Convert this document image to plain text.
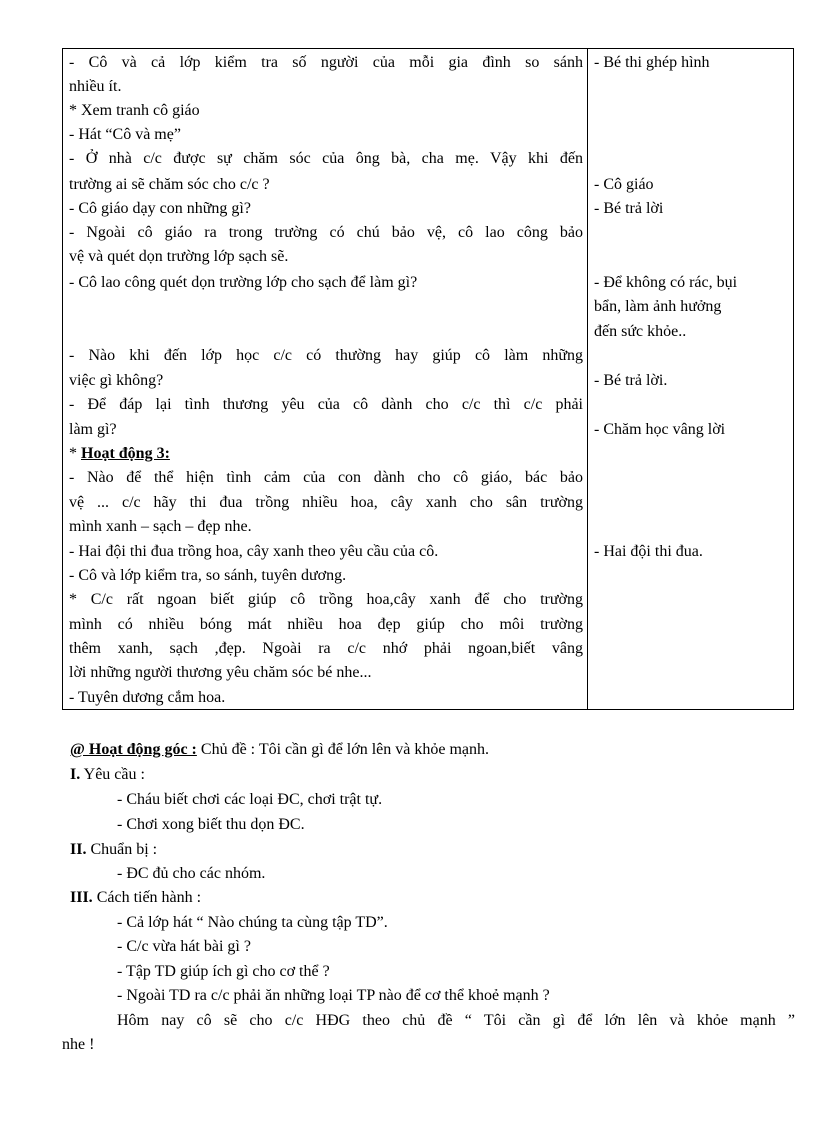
- Cô và cả lớp kiểm tra số người của mỗi gia đình so sánh
nhiều ít.
* Xem tranh cô giáo
- Hát “Cô và mẹ”
- Ở nhà c/c được sự chăm sóc của ông bà, cha mẹ. Vậy khi đến
trường ai sẽ chăm sóc cho c/c ?
- Cô giáo dạy con những gì?
- Ngoài cô giáo ra trong trường có chú bảo vệ, cô lao công bảo
vệ và quét dọn trường lớp sạch sẽ.
- Cô lao công quét dọn trường lớp cho sạch để làm gì?
- Nào khi đến lớp học c/c có thường hay giúp cô làm những
việc gì không?
- Để đáp lại tình thương yêu của cô dành cho c/c thì c/c phải
làm gì?
* Hoạt động 3:
- Nào để thể hiện tình cảm của con dành cho cô giáo, bác bảo
vệ ... c/c hãy thi đua trồng nhiều hoa, cây xanh cho sân trường
mình xanh – sạch – đẹp nhe.
- Hai đội thi đua trồng hoa, cây xanh theo yêu cầu của cô.
- Cô và lớp kiểm tra, so sánh, tuyên dương.
* C/c rất ngoan biết giúp cô trồng hoa,cây xanh để cho trường
mình có nhiều bóng mát nhiều hoa đẹp giúp cho môi trường
thêm xanh, sạch ,đẹp. Ngoài ra c/c nhớ phải ngoan,biết vâng
lời những người thương yêu chăm sóc bé nhe...
- Tuyên dương cắm hoa.
- Bé thi ghép hình
- Cô giáo
- Bé trả lời
- Để không có rác, bụi
bẩn, làm ảnh hưởng
đến sức khỏe..
- Bé trả lời.
- Chăm học vâng lời
- Hai đội thi đua.
@ Hoạt động góc : Chủ đề : Tôi cần gì để lớn lên và khỏe mạnh.
I. Yêu cầu :
- Cháu biết chơi các loại ĐC, chơi trật tự.
- Chơi xong biết thu dọn ĐC.
II. Chuẩn bị :
- ĐC đủ cho các nhóm.
III. Cách tiến hành :
- Cả lớp hát “ Nào chúng ta cùng tập TD”.
- C/c vừa hát bài gì ?
- Tập TD giúp ích gì cho cơ thể ?
- Ngoài TD ra c/c phải ăn những loại TP nào để cơ thể khoẻ mạnh ?
Hôm nay cô sẽ cho c/c HĐG theo chủ đề “ Tôi cần gì để lớn lên và khỏe mạnh ”
nhe !
